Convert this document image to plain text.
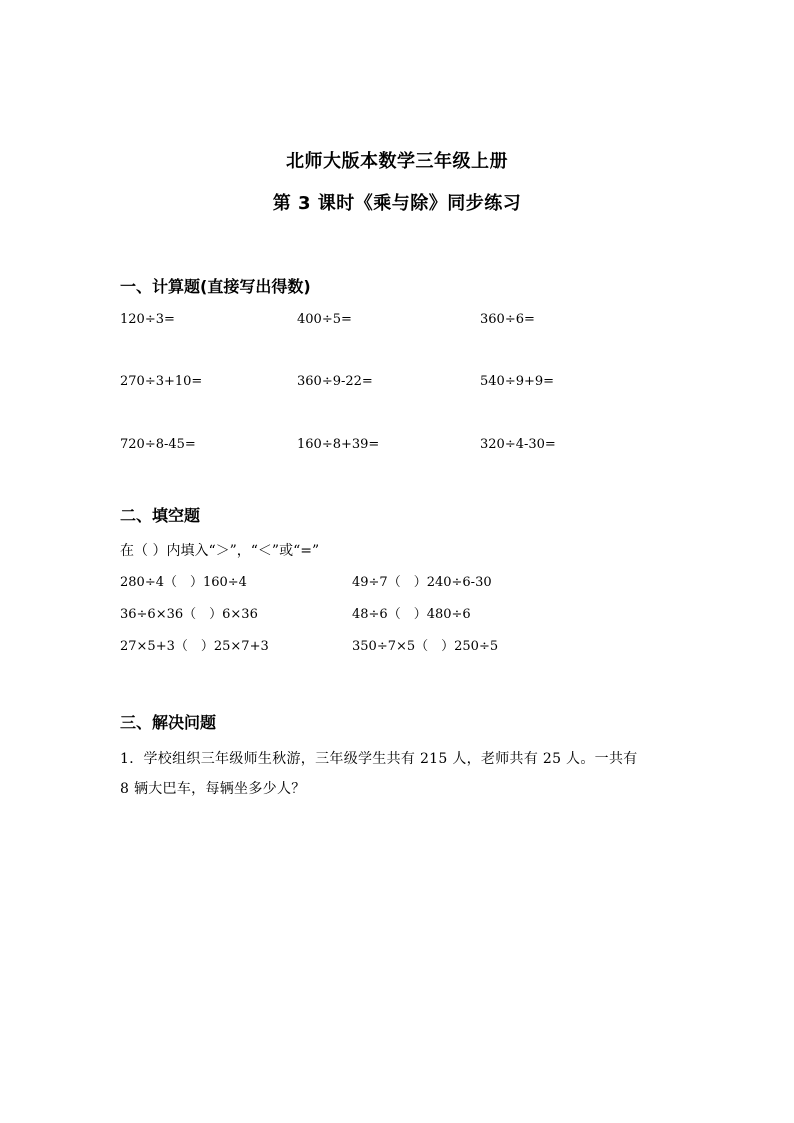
北师大版本数学三年级上册
第 3 课时《乘与除》同步练习
一、计算题(直接写出得数)
120÷3=	400÷5=	360÷6=
270÷3+10=	360÷9-22=	540÷9+9=
720÷8-45=	160÷8+39=	320÷4-30=
二、填空题
在（ ）内填入“＞”，“＜”或“=”
280÷4（　）160÷4	49÷7（　）240÷6-30
36÷6×36（　）6×36	48÷6（　）480÷6
27×5+3（　）25×7+3	350÷7×5（　）250÷5
三、解决问题
1．学校组织三年级师生秋游，三年级学生共有 215 人，老师共有 25 人。一共有
8 辆大巴车，每辆坐多少人？
